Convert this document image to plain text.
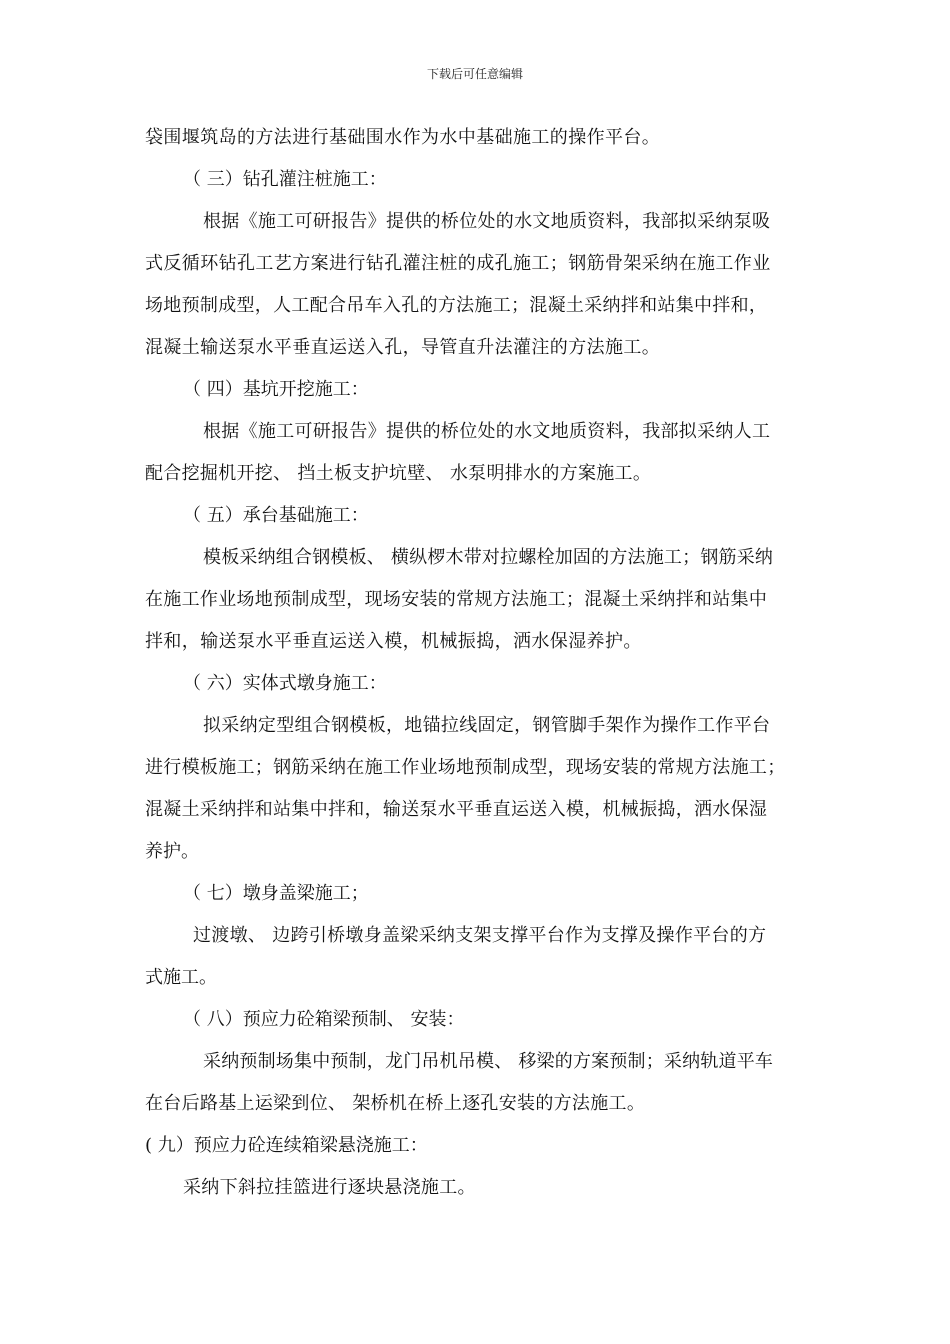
下载后可任意编辑
袋围堰筑岛的方法进行基础围水作为水中基础施工的操作平台。
（ 三）钻孔灌注桩施工：
根据《施工可研报告》提供的桥位处的水文地质资料，我部拟采纳泵吸
式反循环钻孔工艺方案进行钻孔灌注桩的成孔施工；钢筋骨架采纳在施工作业
场地预制成型，人工配合吊车入孔的方法施工；混凝土采纳拌和站集中拌和，
混凝土输送泵水平垂直运送入孔，导管直升法灌注的方法施工。
（ 四）基坑开挖施工：
根据《施工可研报告》提供的桥位处的水文地质资料，我部拟采纳人工
配合挖掘机开挖、 挡土板支护坑壁、 水泵明排水的方案施工。
（ 五）承台基础施工：
模板采纳组合钢模板、 横纵椤木带对拉螺栓加固的方法施工；钢筋采纳
在施工作业场地预制成型，现场安装的常规方法施工；混凝土采纳拌和站集中
拌和，输送泵水平垂直运送入模，机械振捣，洒水保湿养护。
（ 六）实体式墩身施工：
拟采纳定型组合钢模板，地锚拉线固定，钢管脚手架作为操作工作平台
进行模板施工；钢筋采纳在施工作业场地预制成型，现场安装的常规方法施工；
混凝土采纳拌和站集中拌和，输送泵水平垂直运送入模，机械振捣，洒水保湿
养护。
（ 七）墩身盖梁施工；
过渡墩、 边跨引桥墩身盖梁采纳支架支撑平台作为支撑及操作平台的方
式施工。
（ 八）预应力砼箱梁预制、 安装：
采纳预制场集中预制，龙门吊机吊模、 移梁的方案预制；采纳轨道平车
在台后路基上运梁到位、 架桥机在桥上逐孔安装的方法施工。
( 九）预应力砼连续箱梁悬浇施工：
采纳下斜拉挂篮进行逐块悬浇施工。
